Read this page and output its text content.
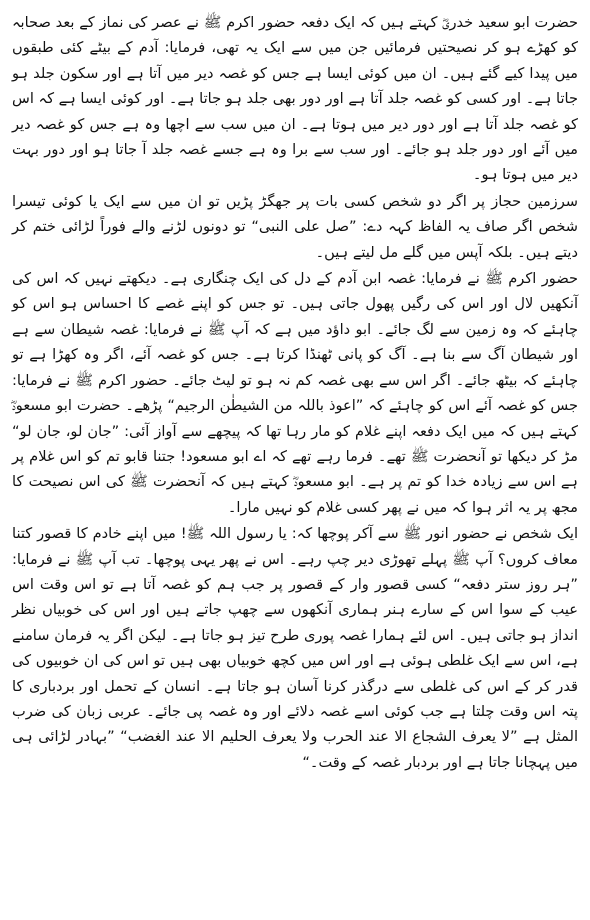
حضرت ابو سعید خدریؓ کہتے ہیں کہ ایک دفعہ حضور اکرم ﷺ نے عصر کی نماز کے بعد صحابہ کو کھڑے ہو کر نصیحتیں فرمائیں جن میں سے ایک یہ تھی، فرمایا: آدم کے بیٹے کئی طبقوں میں پیدا کیے گئے ہیں۔ ان میں کوئی ایسا ہے جس کو غصہ دیر میں آتا ہے اور سکون جلد ہو جاتا ہے۔ اور کسی کو غصہ جلد آتا ہے اور دور بھی جلد ہو جاتا ہے۔ اور کوئی ایسا ہے کہ اس کو غصہ جلد آتا ہے اور دور دیر میں ہوتا ہے۔ ان میں سب سے اچھا وہ ہے جس کو غصہ دیر میں آئے اور دور جلد ہو جائے۔ اور سب سے برا وہ ہے جسے غصہ جلد آ جاتا ہو اور دور بہت دیر میں ہوتا ہو۔

سرزمین حجاز پر اگر دو شخص کسی بات پر جھگڑ پڑیں تو ان میں سے ایک یا کوئی تیسرا شخص اگر صاف یہ الفاظ کہہ دے: ”صل علی النبی“ تو دونوں لڑنے والے فوراً لڑائی ختم کر دیتے ہیں۔ بلکہ آپس میں گلے مل لیتے ہیں۔

حضور اکرم ﷺ نے فرمایا: غصہ ابن آدم کے دل کی ایک چنگاری ہے۔ دیکھتے نہیں کہ اس کی آنکھیں لال اور اس کی رگیں پھول جاتی ہیں۔ تو جس کو اپنے غصے کا احساس ہو اس کو چاہئے کہ وہ زمین سے لگ جائے۔ ابو داؤد میں ہے کہ آپ ﷺ نے فرمایا: غصہ شیطان سے ہے اور شیطان آگ سے بنا ہے۔ آگ کو پانی ٹھنڈا کرتا ہے۔ جس کو غصہ آئے، اگر وہ کھڑا ہے تو چاہئے کہ بیٹھ جائے۔ اگر اس سے بھی غصہ کم نہ ہو تو لیٹ جائے۔ حضور اکرم ﷺ نے فرمایا: جس کو غصہ آئے اس کو چاہئے کہ ”اعوذ باللہ من الشیطٰن الرجیم“ پڑھے۔ حضرت ابو مسعودؓ کہتے ہیں کہ میں ایک دفعہ اپنے غلام کو مار رہا تھا کہ پیچھے سے آواز آئی: ”جان لو، جان لو“ مڑ کر دیکھا تو آنحضرت ﷺ تھے۔ فرما رہے تھے کہ اے ابو مسعود! جتنا قابو تم کو اس غلام پر ہے اس سے زیادہ خدا کو تم پر ہے۔ ابو مسعودؓ کہتے ہیں کہ آنحضرت ﷺ کی اس نصیحت کا مجھ پر یہ اثر ہوا کہ میں نے پھر کسی غلام کو نہیں مارا۔

ایک شخص نے حضور انور ﷺ سے آکر پوچھا کہ: یا رسول اللہ ﷺ! میں اپنے خادم کا قصور کتنا معاف کروں؟ آپ ﷺ پہلے تھوڑی دیر چپ رہے۔ اس نے پھر یہی پوچھا۔ تب آپ ﷺ نے فرمایا: ”ہر روز ستر دفعہ“ کسی قصور وار کے قصور پر جب ہم کو غصہ آتا ہے تو اس وقت اس عیب کے سوا اس کے سارے ہنر ہماری آنکھوں سے چھپ جاتے ہیں اور اس کی خوبیاں نظر انداز ہو جاتی ہیں۔ اس لئے ہمارا غصہ پوری طرح تیز ہو جاتا ہے۔ لیکن اگر یہ فرمان سامنے ہے، اس سے ایک غلطی ہوئی ہے اور اس میں کچھ خوبیاں بھی ہیں تو اس کی ان خوبیوں کی قدر کر کے اس کی غلطی سے درگذر کرنا آسان ہو جاتا ہے۔ انسان کے تحمل اور بردباری کا پتہ اس وقت چلتا ہے جب کوئی اسے غصہ دلائے اور وہ غصہ پی جائے۔ عربی زبان کی ضرب المثل ہے ”لا یعرف الشجاع الا عند الحرب ولا یعرف الحلیم الا عند الغضب“ ”بہادر لڑائی ہی میں پہچانا جاتا ہے اور بردبار غصہ کے وقت۔“
